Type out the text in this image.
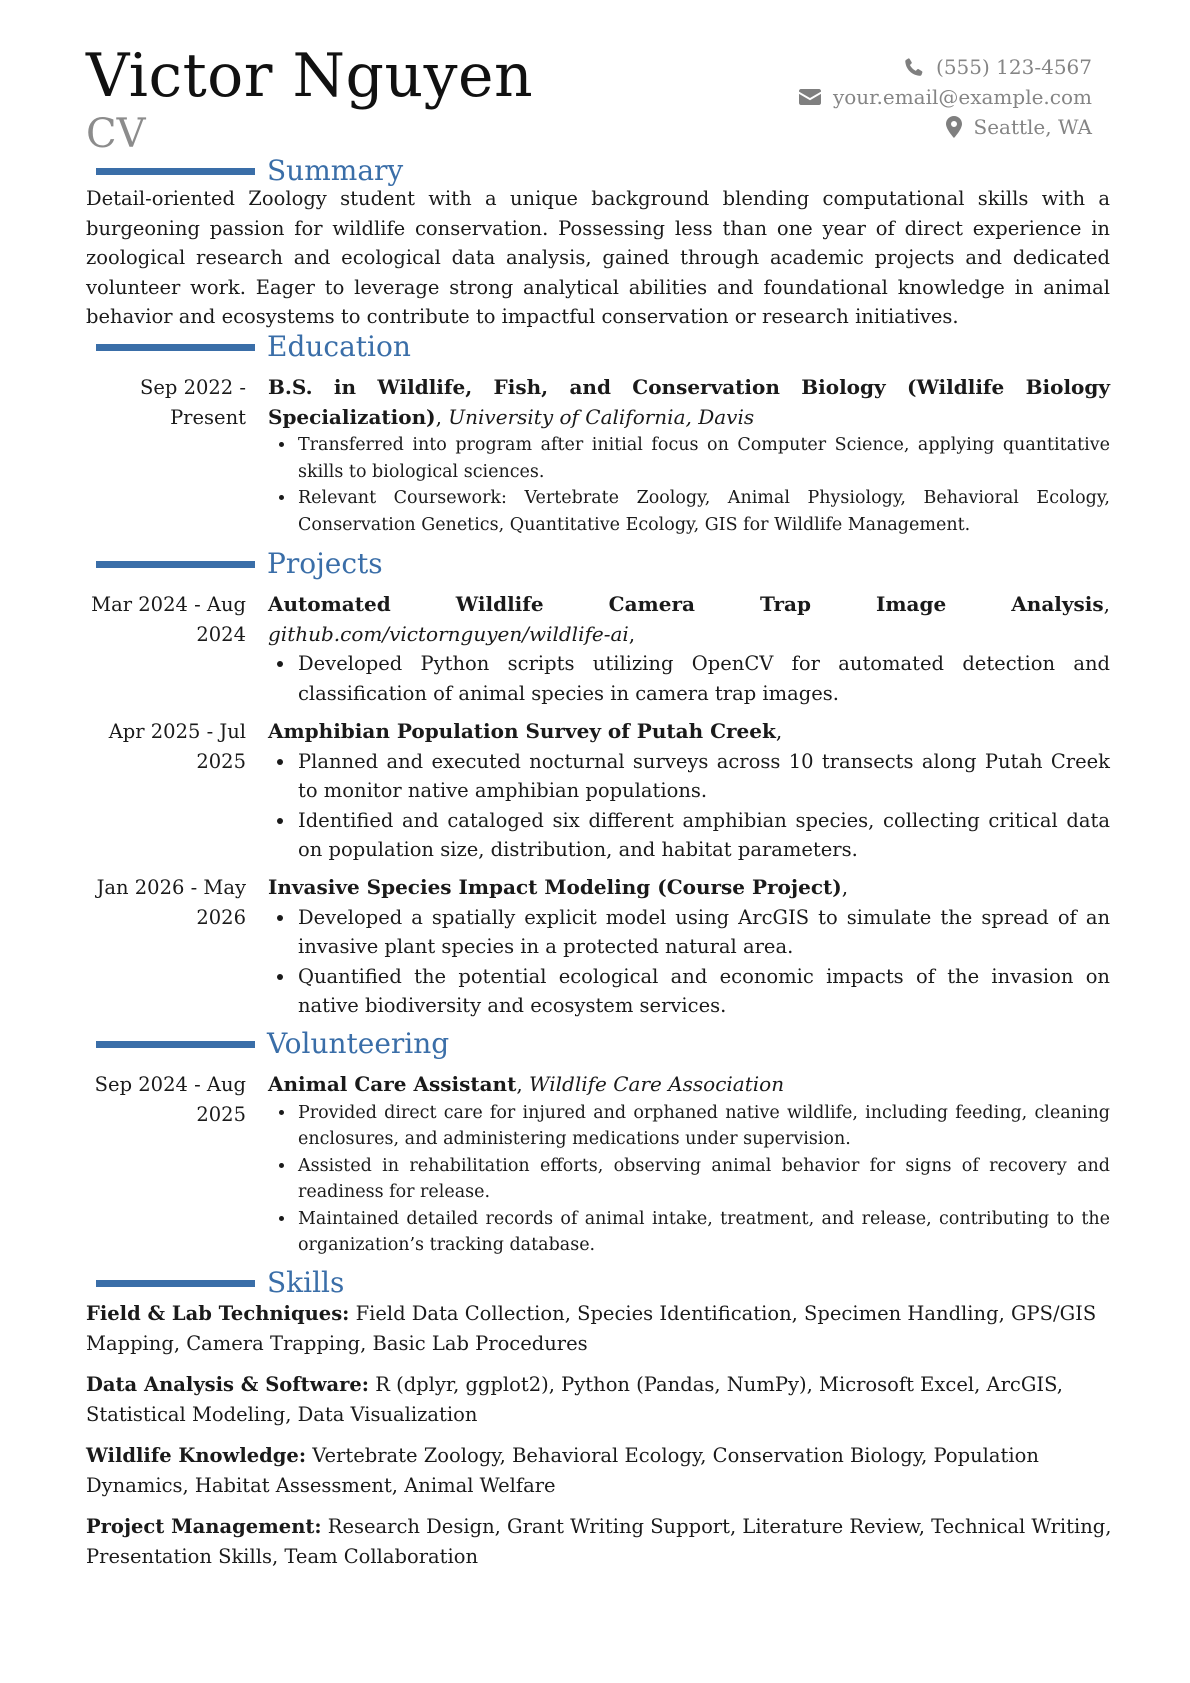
Victor Nguyen
CV
(555) 123-4567
your.email@example.com
Seattle, WA
Summary
Detail-oriented Zoology student with a unique background blending computational skills with a burgeoning passion for wildlife conservation. Possessing less than one year of direct experience in zoological research and ecological data analysis, gained through academic projects and dedicated volunteer work. Eager to leverage strong analytical abilities and foundational knowledge in animal behavior and ecosystems to contribute to impactful conservation or research initiatives.
Education
Sep 2022 - Present
B.S. in Wildlife, Fish, and Conservation Biology (Wildlife Biology Specialization), University of California, Davis
• Transferred into program after initial focus on Computer Science, applying quantitative skills to biological sciences.
• Relevant Coursework: Vertebrate Zoology, Animal Physiology, Behavioral Ecology, Conservation Genetics, Quantitative Ecology, GIS for Wildlife Management.
Projects
Mar 2024 - Aug 2024
Automated Wildlife Camera Trap Image Analysis, github.com/victornguyen/wildlife-ai,
• Developed Python scripts utilizing OpenCV for automated detection and classification of animal species in camera trap images.
Apr 2025 - Jul 2025
Amphibian Population Survey of Putah Creek,
• Planned and executed nocturnal surveys across 10 transects along Putah Creek to monitor native amphibian populations.
• Identified and cataloged six different amphibian species, collecting critical data on population size, distribution, and habitat parameters.
Jan 2026 - May 2026
Invasive Species Impact Modeling (Course Project),
• Developed a spatially explicit model using ArcGIS to simulate the spread of an invasive plant species in a protected natural area.
• Quantified the potential ecological and economic impacts of the invasion on native biodiversity and ecosystem services.
Volunteering
Sep 2024 - Aug 2025
Animal Care Assistant, Wildlife Care Association
• Provided direct care for injured and orphaned native wildlife, including feeding, cleaning enclosures, and administering medications under supervision.
• Assisted in rehabilitation efforts, observing animal behavior for signs of recovery and readiness for release.
• Maintained detailed records of animal intake, treatment, and release, contributing to the organization’s tracking database.
Skills
Field & Lab Techniques: Field Data Collection, Species Identification, Specimen Handling, GPS/GIS Mapping, Camera Trapping, Basic Lab Procedures
Data Analysis & Software: R (dplyr, ggplot2), Python (Pandas, NumPy), Microsoft Excel, ArcGIS, Statistical Modeling, Data Visualization
Wildlife Knowledge: Vertebrate Zoology, Behavioral Ecology, Conservation Biology, Population Dynamics, Habitat Assessment, Animal Welfare
Project Management: Research Design, Grant Writing Support, Literature Review, Technical Writing, Presentation Skills, Team Collaboration
